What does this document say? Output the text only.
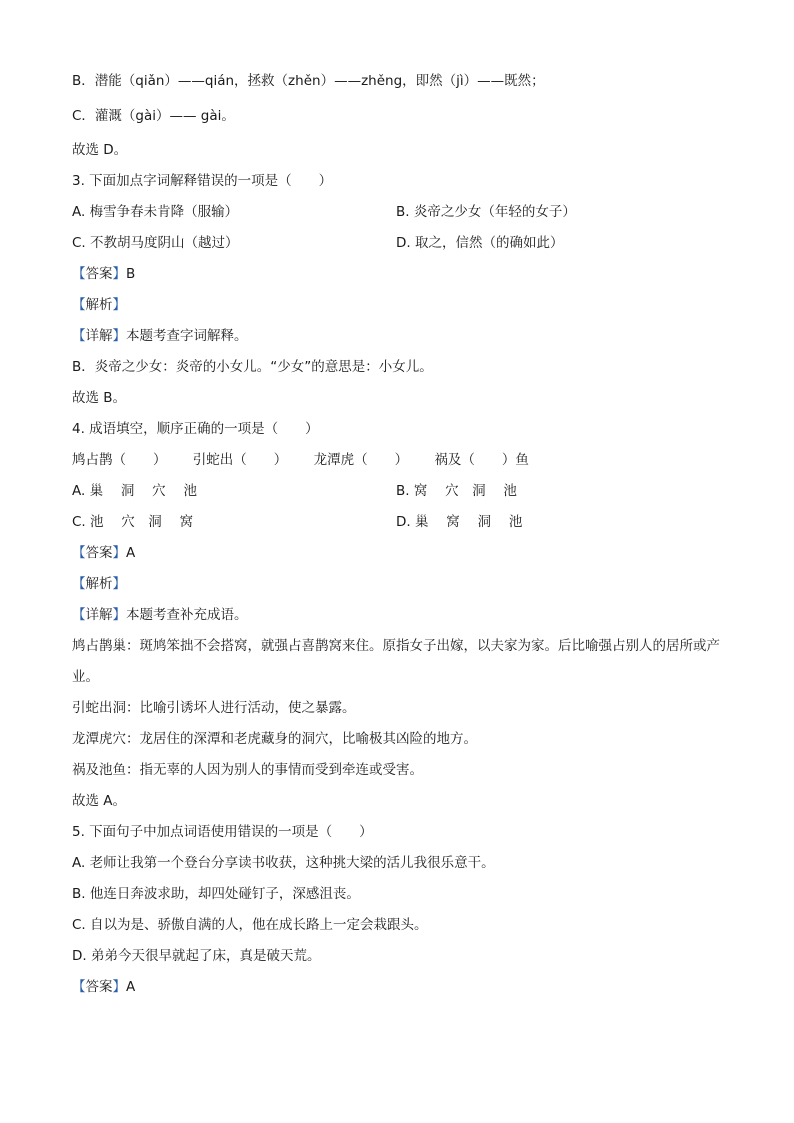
B．潜能（qiǎn）——qián，拯救（zhěn）——zhěng，即然（jì）——既然；
C．灌溉（gài）—— gài。
故选 D。
3. 下面加点字词解释错误的一项是（　　）
A. 梅雪争春未肯降（服输）	B. 炎帝之少女（年轻的女子）
C. 不教胡马度阴山（越过）	D. 取之，信然（的确如此）
【答案】B
【解析】
【详解】本题考查字词解释。
B．炎帝之少女：炎帝的小女儿。“少女”的意思是：小女儿。
故选 B。
4. 成语填空，顺序正确的一项是（　　）
鸠占鹊（　　） 引蛇出（　　） 龙潭虎（　　） 祸及（　　）鱼
A. 巢　 洞　 穴　 池	B. 窝　 穴　洞　 池
C. 池　 穴　洞　 窝	D. 巢　 窝　 洞　 池
【答案】A
【解析】
【详解】本题考查补充成语。
鸠占鹊巢：斑鸠笨拙不会搭窝，就强占喜鹊窝来住。原指女子出嫁，以夫家为家。后比喻强占别人的居所或产业。
引蛇出洞：比喻引诱坏人进行活动，使之暴露。
龙潭虎穴：龙居住的深潭和老虎藏身的洞穴，比喻极其凶险的地方。
祸及池鱼：指无辜的人因为别人的事情而受到牵连或受害。
故选 A。
5. 下面句子中加点词语使用错误的一项是（　　）
A. 老师让我第一个登台分享读书收获，这种挑大梁的活儿我很乐意干。
B. 他连日奔波求助，却四处碰钉子，深感沮丧。
C. 自以为是、骄傲自满的人，他在成长路上一定会栽跟头。
D. 弟弟今天很早就起了床，真是破天荒。
【答案】A
